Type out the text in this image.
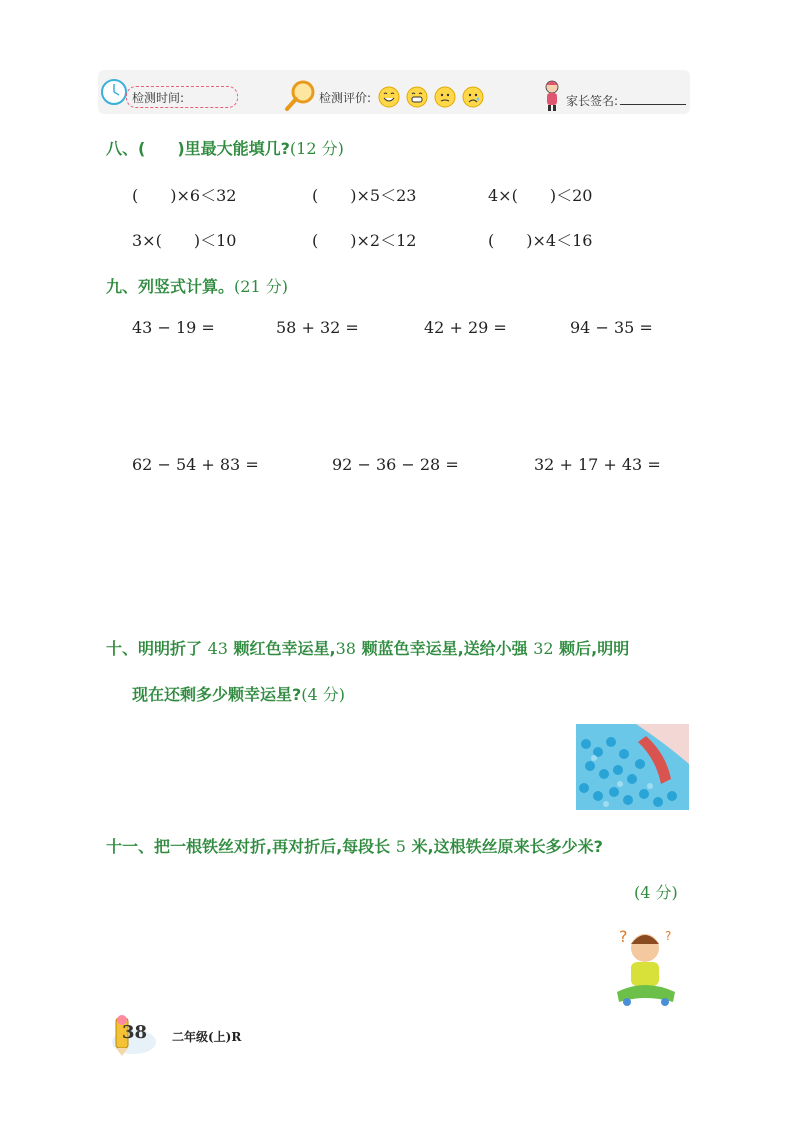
检测时间:	检测评价:	家长签名:
八、(　　)里最大能填几?(12 分)
(　　)×6＜32	(　　)×5＜23	4×(　　)＜20
3×(　　)＜10	(　　)×2＜12	(　　)×4＜16
九、列竖式计算。(21 分)
43 − 19 =	58 + 32 =	42 + 29 =	94 − 35 =
62 − 54 + 83 =	92 − 36 − 28 =	32 + 17 + 43 =
十、明明折了 43 颗红色幸运星,38 颗蓝色幸运星,送给小强 32 颗后,明明
现在还剩多少颗幸运星?(4 分)
十一、把一根铁丝对折,再对折后,每段长 5 米,这根铁丝原来长多少米?
(4 分)
?	?
38 二年级(上)R
